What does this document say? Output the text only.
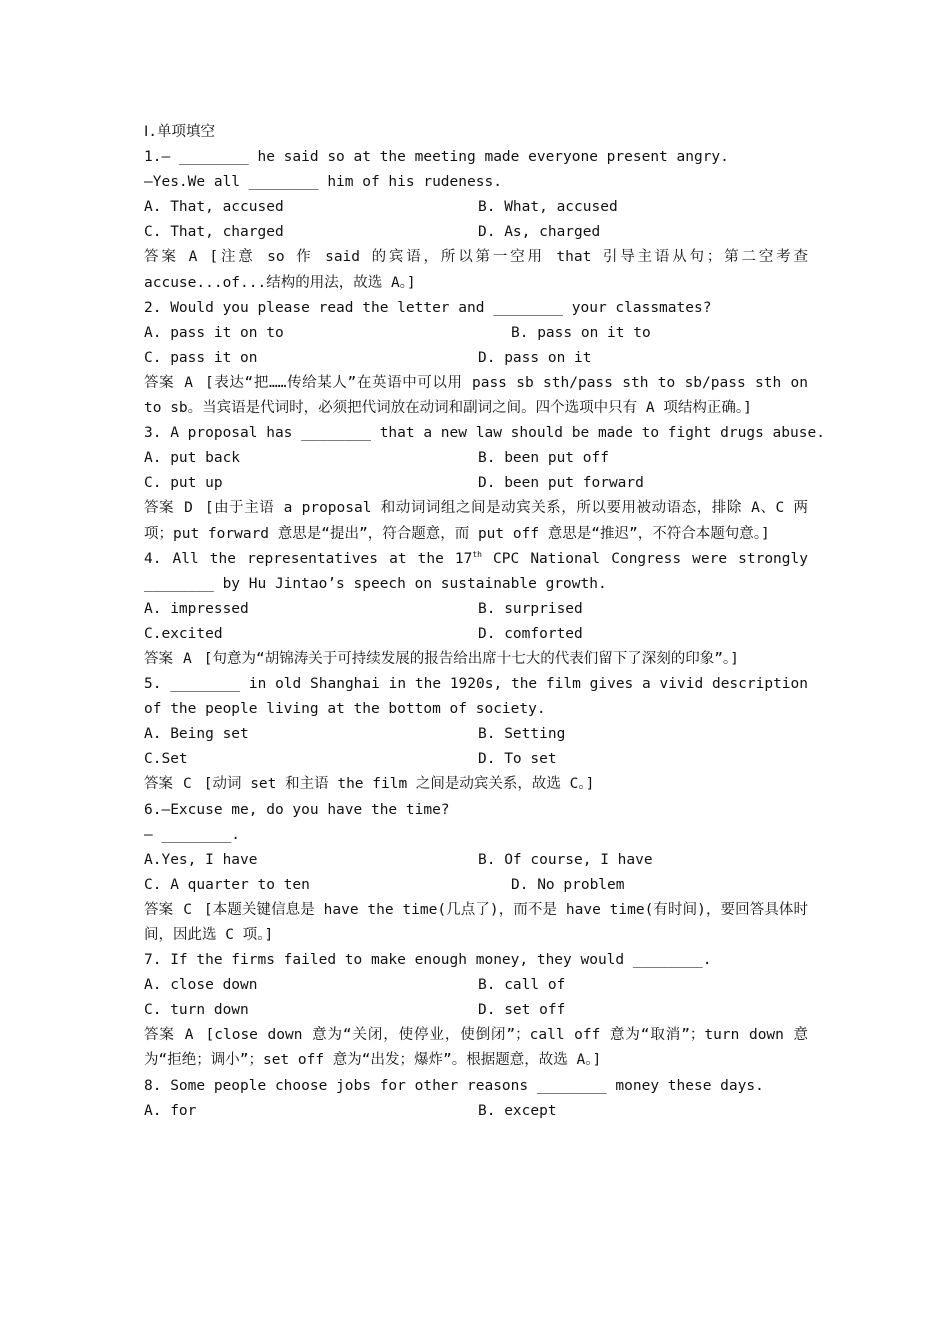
Ⅰ.单项填空
1.— ________ he said so at the meeting made everyone present angry.
—Yes.We all ________ him of his rudeness.
A. That, accused	B. What, accused
C. That, charged	D. As, charged
答案 A [注意 so 作 said 的宾语，所以第一空用 that 引导主语从句；第二空考查 accuse...of...结构的用法，故选 A。]
2. Would you please read the letter and ________ your classmates?
A. pass it on to	B. pass on it to
C. pass it on	D. pass on it
答案 A [表达“把……传给某人”在英语中可以用 pass sb sth/pass sth to sb/pass sth on to sb。当宾语是代词时，必须把代词放在动词和副词之间。四个选项中只有 A 项结构正确。]
3. A proposal has ________ that a new law should be made to fight drugs abuse.
A. put back	B. been put off
C. put up	D. been put forward
答案 D [由于主语 a proposal 和动词词组之间是动宾关系，所以要用被动语态，排除 A、C 两项；put forward 意思是“提出”，符合题意，而 put off 意思是“推迟”，不符合本题句意。]
4. All the representatives at the 17th CPC National Congress were strongly ________ by Hu Jintao’s speech on sustainable growth.
A. impressed	B. surprised
C.excited	D. comforted
答案 A [句意为“胡锦涛关于可持续发展的报告给出席十七大的代表们留下了深刻的印象”。]
5. ________ in old Shanghai in the 1920s, the film gives a vivid description of the people living at the bottom of society.
A. Being set	B. Setting
C.Set	D. To set
答案 C [动词 set 和主语 the film 之间是动宾关系，故选 C。]
6.—Excuse me, do you have the time?
— ________.
A.Yes, I have	B. Of course, I have
C. A quarter to ten	D. No problem
答案 C [本题关键信息是 have the time(几点了)，而不是 have time(有时间)，要回答具体时间，因此选 C 项。]
7. If the firms failed to make enough money, they would ________.
A. close down	B. call of
C. turn down	D. set off
答案 A [close down 意为“关闭，使停业，使倒闭”；call off 意为“取消”；turn down 意为“拒绝；调小”；set off 意为“出发；爆炸”。根据题意，故选 A。]
8. Some people choose jobs for other reasons ________ money these days.
A. for	B. except
